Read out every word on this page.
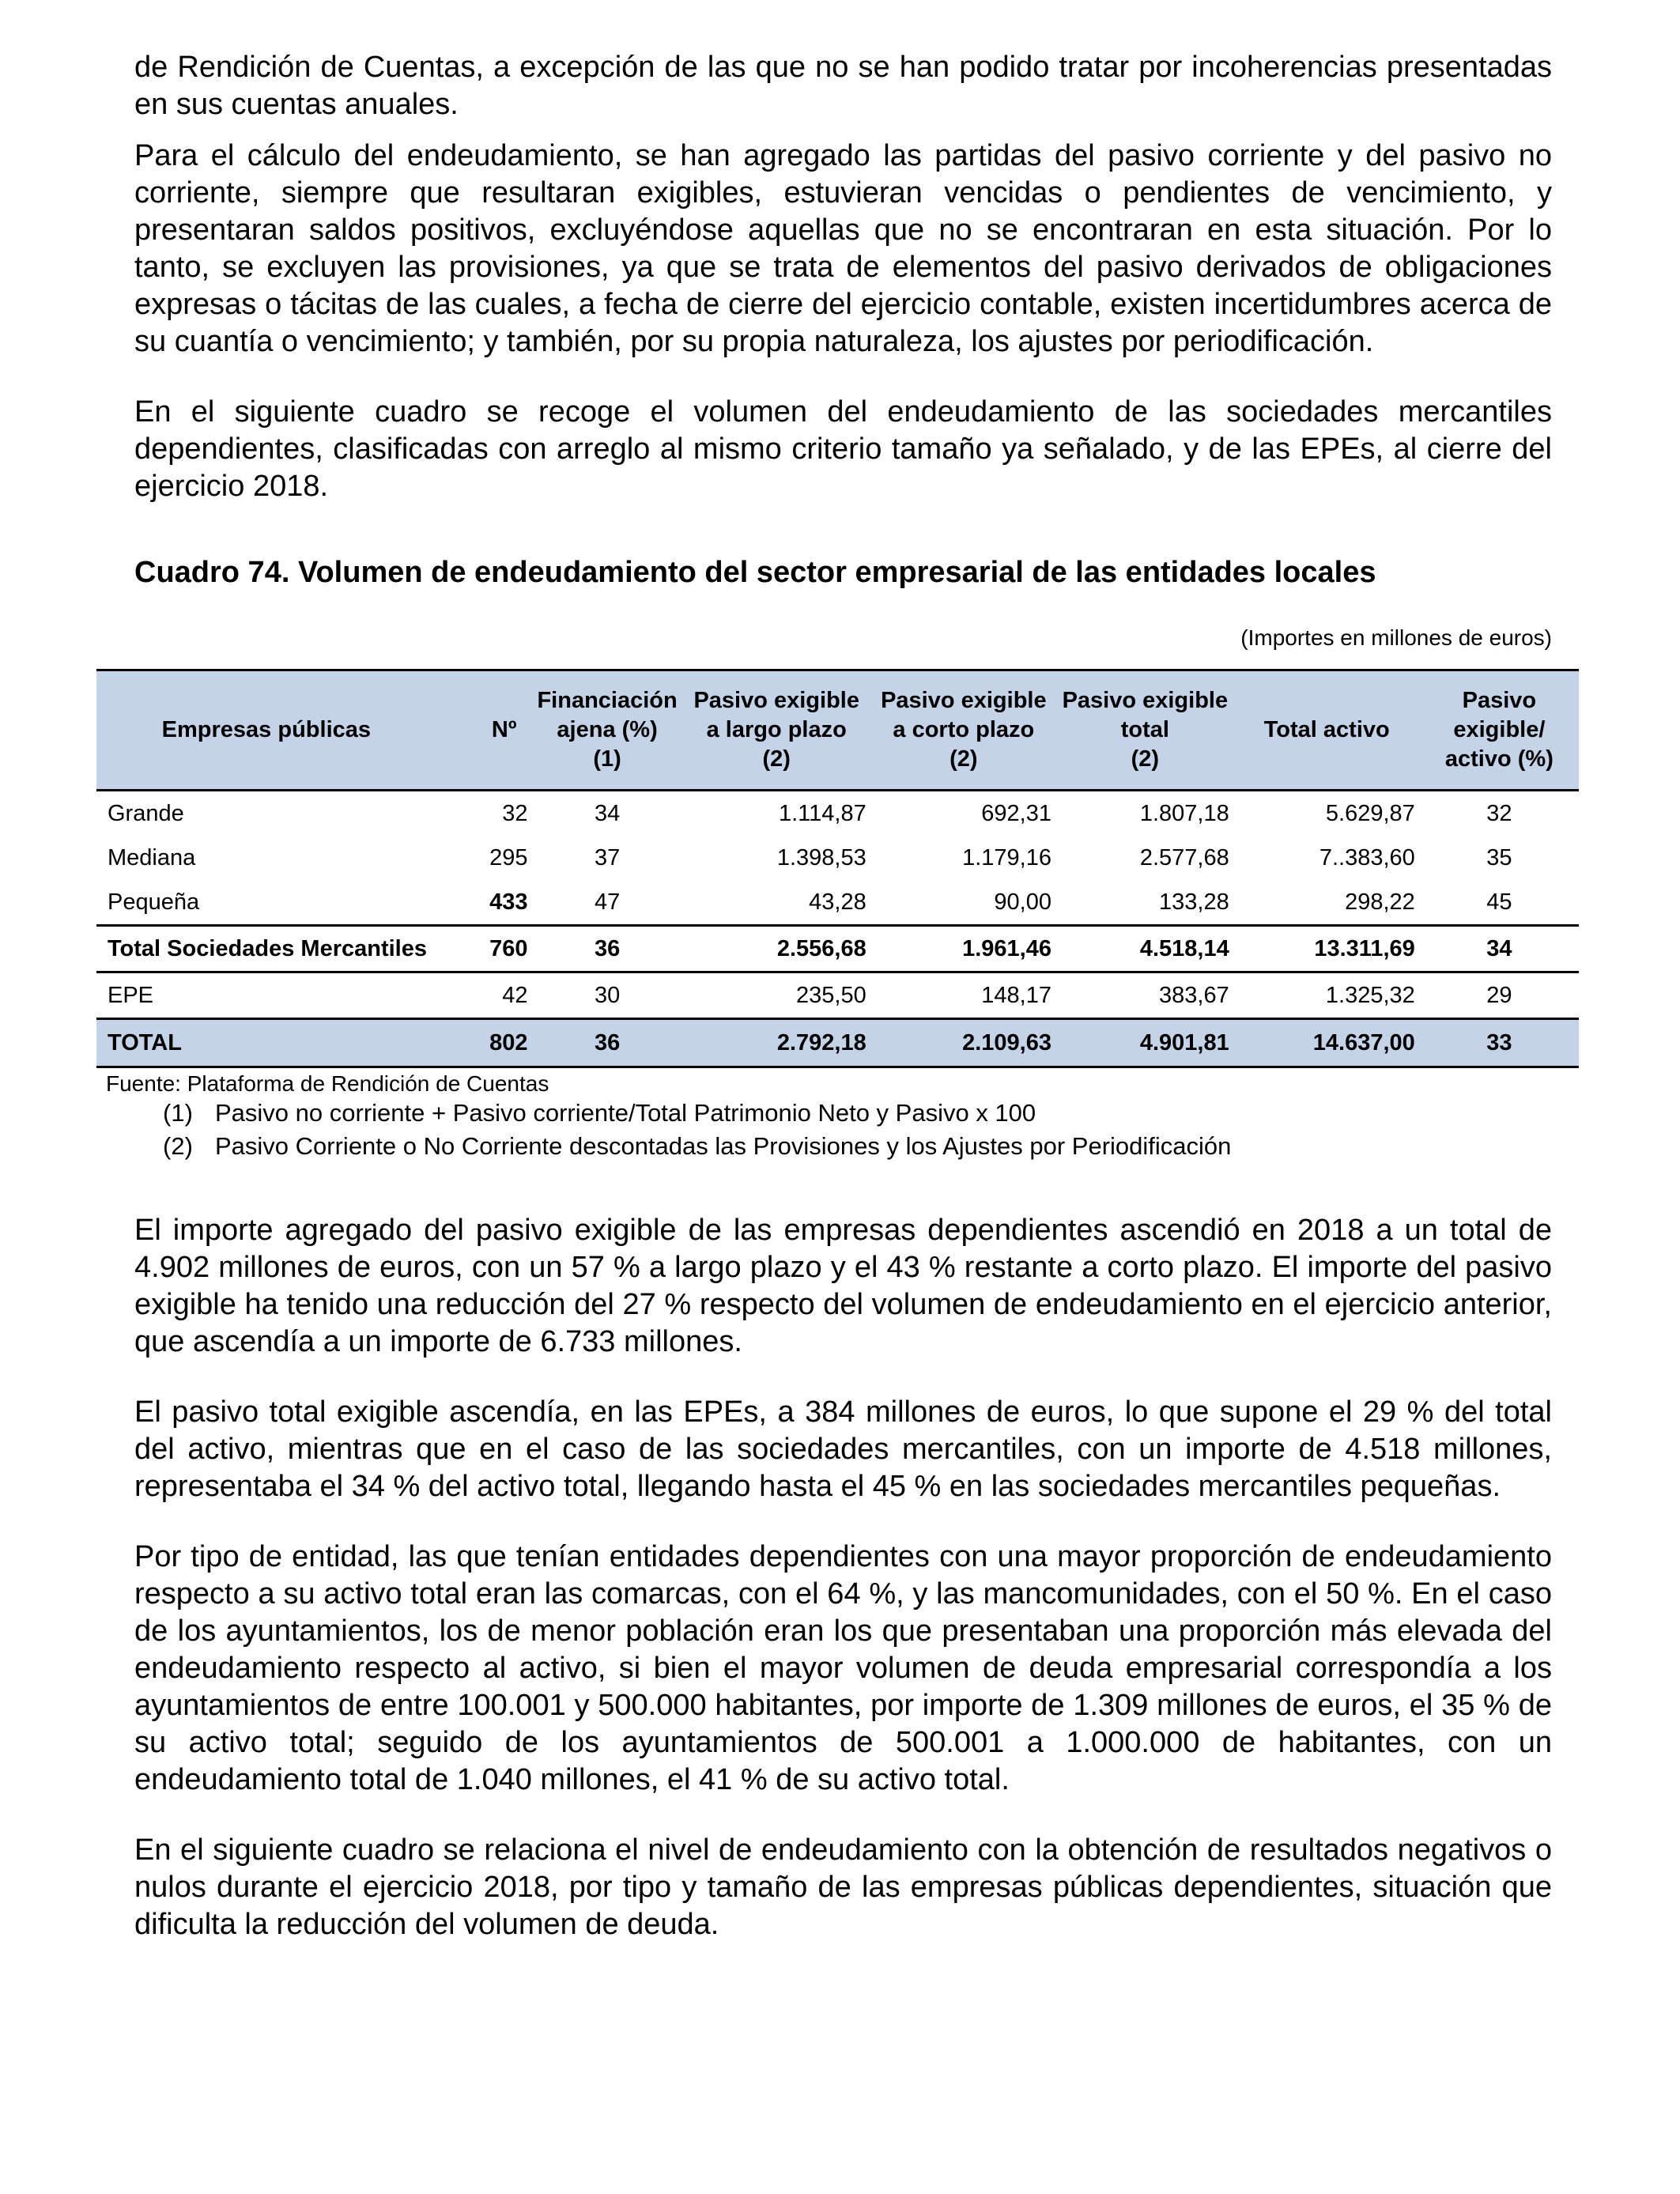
de Rendición de Cuentas, a excepción de las que no se han podido tratar por incoherencias presentadas en sus cuentas anuales.

Para el cálculo del endeudamiento, se han agregado las partidas del pasivo corriente y del pasivo no corriente, siempre que resultaran exigibles, estuvieran vencidas o pendientes de vencimiento, y presentaran saldos positivos, excluyéndose aquellas que no se encontraran en esta situación. Por lo tanto, se excluyen las provisiones, ya que se trata de elementos del pasivo derivados de obligaciones expresas o tácitas de las cuales, a fecha de cierre del ejercicio contable, existen incertidumbres acerca de su cuantía o vencimiento; y también, por su propia naturaleza, los ajustes por periodificación.

En el siguiente cuadro se recoge el volumen del endeudamiento de las sociedades mercantiles dependientes, clasificadas con arreglo al mismo criterio tamaño ya señalado, y de las EPEs, al cierre del ejercicio 2018.

Cuadro 74. Volumen de endeudamiento del sector empresarial de las entidades locales
(Importes en millones de euros)
Empresas públicas	Nº	Financiación
ajena (%)
(1)	Pasivo exigible
a largo plazo
(2)	Pasivo exigible
a corto plazo
(2)	Pasivo exigible
total
(2)	Total activo	Pasivo
exigible/
activo (%)
Grande	32	34	1.114,87	692,31	1.807,18	5.629,87	32
Mediana	295	37	1.398,53	1.179,16	2.577,68	7..383,60	35
Pequeña	433	47	43,28	90,00	133,28	298,22	45
Total Sociedades Mercantiles	760	36	2.556,68	1.961,46	4.518,14	13.311,69	34
EPE	42	30	235,50	148,17	383,67	1.325,32	29
TOTAL	802	36	2.792,18	2.109,63	4.901,81	14.637,00	33
Fuente: Plataforma de Rendición de Cuentas
(1) Pasivo no corriente + Pasivo corriente/Total Patrimonio Neto y Pasivo x 100
(2) Pasivo Corriente o No Corriente descontadas las Provisiones y los Ajustes por Periodificación

El importe agregado del pasivo exigible de las empresas dependientes ascendió en 2018 a un total de 4.902 millones de euros, con un 57 % a largo plazo y el 43 % restante a corto plazo. El importe del pasivo exigible ha tenido una reducción del 27 % respecto del volumen de endeudamiento en el ejercicio anterior, que ascendía a un importe de 6.733 millones.

El pasivo total exigible ascendía, en las EPEs, a 384 millones de euros, lo que supone el 29 % del total del activo, mientras que en el caso de las sociedades mercantiles, con un importe de 4.518 millones, representaba el 34 % del activo total, llegando hasta el 45 % en las sociedades mercantiles pequeñas.

Por tipo de entidad, las que tenían entidades dependientes con una mayor proporción de endeudamiento respecto a su activo total eran las comarcas, con el 64 %, y las mancomunidades, con el 50 %. En el caso de los ayuntamientos, los de menor población eran los que presentaban una proporción más elevada del endeudamiento respecto al activo, si bien el mayor volumen de deuda empresarial correspondía a los ayuntamientos de entre 100.001 y 500.000 habitantes, por importe de 1.309 millones de euros, el 35 % de su activo total; seguido de los ayuntamientos de 500.001 a 1.000.000 de habitantes, con un endeudamiento total de 1.040 millones, el 41 % de su activo total.

En el siguiente cuadro se relaciona el nivel de endeudamiento con la obtención de resultados negativos o nulos durante el ejercicio 2018, por tipo y tamaño de las empresas públicas dependientes, situación que dificulta la reducción del volumen de deuda.
